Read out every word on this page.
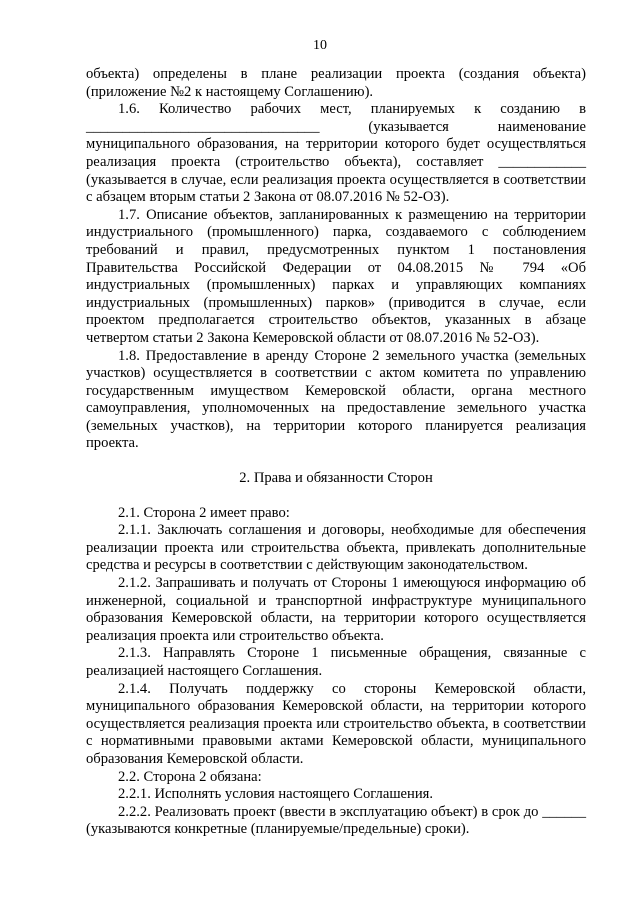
10

объекта) определены в плане реализации проекта (создания объекта) (приложение №2 к настоящему Соглашению).

1.6. Количество рабочих мест, планируемых к созданию в ________________________________ (указывается наименование муниципального образования, на территории которого будет осуществляться реализация проекта (строительство объекта), составляет ____________ (указывается в случае, если реализация проекта осуществляется в соответствии с абзацем вторым статьи 2 Закона от 08.07.2016 № 52-ОЗ).

1.7. Описание объектов, запланированных к размещению на территории индустриального (промышленного) парка, создаваемого с соблюдением требований и правил, предусмотренных пунктом 1 постановления Правительства Российской Федерации от 04.08.2015 № 794 «Об индустриальных (промышленных) парках и управляющих компаниях индустриальных (промышленных) парков» (приводится в случае, если проектом предполагается строительство объектов, указанных в абзаце четвертом статьи 2 Закона Кемеровской области от 08.07.2016 № 52-ОЗ).

1.8. Предоставление в аренду Стороне 2 земельного участка (земельных участков) осуществляется в соответствии с актом комитета по управлению государственным имуществом Кемеровской области, органа местного самоуправления, уполномоченных на предоставление земельного участка (земельных участков), на территории которого планируется реализация проекта.

2. Права и обязанности Сторон

2.1. Сторона 2 имеет право:

2.1.1. Заключать соглашения и договоры, необходимые для обеспечения реализации проекта или строительства объекта, привлекать дополнительные средства и ресурсы в соответствии с действующим законодательством.

2.1.2. Запрашивать и получать от Стороны 1 имеющуюся информацию об инженерной, социальной и транспортной инфраструктуре муниципального образования Кемеровской области, на территории которого осуществляется реализация проекта или строительство объекта.

2.1.3. Направлять Стороне 1 письменные обращения, связанные с реализацией настоящего Соглашения.

2.1.4. Получать поддержку со стороны Кемеровской области, муниципального образования Кемеровской области, на территории которого осуществляется реализация проекта или строительство объекта, в соответствии с нормативными правовыми актами Кемеровской области, муниципального образования Кемеровской области.

2.2. Сторона 2 обязана:

2.2.1. Исполнять условия настоящего Соглашения.

2.2.2. Реализовать проект (ввести в эксплуатацию объект) в срок до ______ (указываются конкретные (планируемые/предельные) сроки).
